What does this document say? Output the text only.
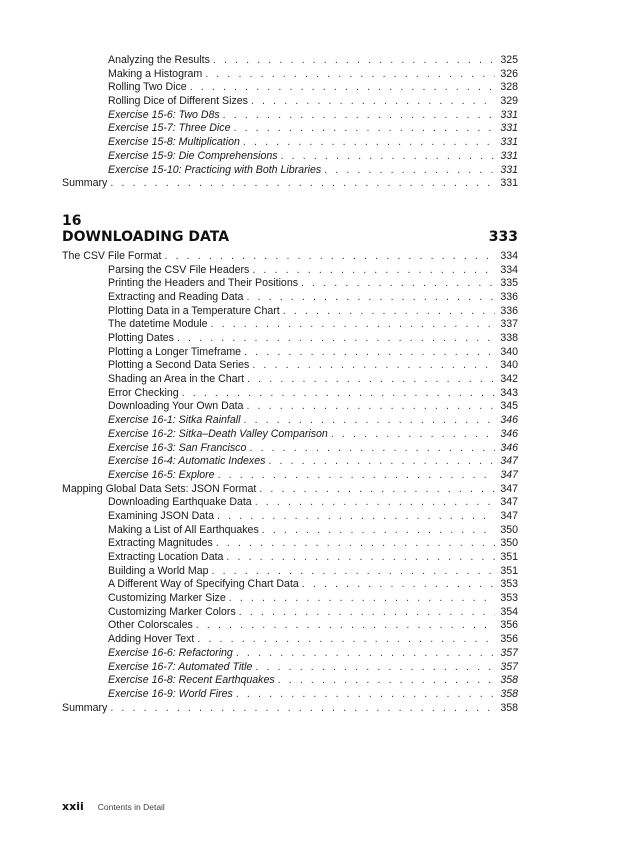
Analyzing the Results . . .	325
Making a Histogram . . .	326
Rolling Two Dice . . .	328
Rolling Dice of Different Sizes . . .	329
Exercise 15-6: Two D8s . . .	331
Exercise 15-7: Three Dice . . .	331
Exercise 15-8: Multiplication . . .	331
Exercise 15-9: Die Comprehensions . . .	331
Exercise 15-10: Practicing with Both Libraries . . .	331
Summary . . .	331
16
DOWNLOADING DATA	333
The CSV File Format . . .	334
Parsing the CSV File Headers . . .	334
Printing the Headers and Their Positions . . .	335
Extracting and Reading Data . . .	336
Plotting Data in a Temperature Chart . . .	336
The datetime Module . . .	337
Plotting Dates . . .	338
Plotting a Longer Timeframe . . .	340
Plotting a Second Data Series . . .	340
Shading an Area in the Chart . . .	342
Error Checking . . .	343
Downloading Your Own Data . . .	345
Exercise 16-1: Sitka Rainfall . . .	346
Exercise 16-2: Sitka–Death Valley Comparison . . .	346
Exercise 16-3: San Francisco . . .	346
Exercise 16-4: Automatic Indexes . . .	347
Exercise 16-5: Explore . . .	347
Mapping Global Data Sets: JSON Format . . .	347
Downloading Earthquake Data . . .	347
Examining JSON Data . . .	347
Making a List of All Earthquakes . . .	350
Extracting Magnitudes . . .	350
Extracting Location Data . . .	351
Building a World Map . . .	351
A Different Way of Specifying Chart Data . . .	353
Customizing Marker Size . . .	353
Customizing Marker Colors . . .	354
Other Colorscales . . .	356
Adding Hover Text . . .	356
Exercise 16-6: Refactoring . . .	357
Exercise 16-7: Automated Title . . .	357
Exercise 16-8: Recent Earthquakes . . .	358
Exercise 16-9: World Fires . . .	358
Summary . . .	358
xxii Contents in Detail
